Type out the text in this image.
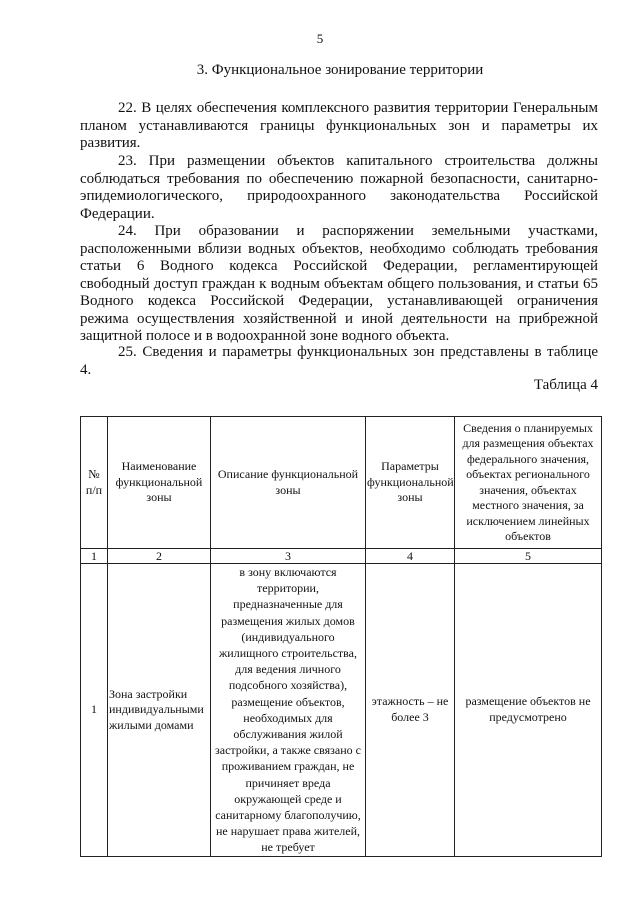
5
3. Функциональное зонирование территории

22. В целях обеспечения комплексного развития территории Генеральным планом устанавливаются границы функциональных зон и параметры их развития.

23. При размещении объектов капитального строительства должны соблюдаться требования по обеспечению пожарной безопасности, санитарно-эпидемиологического, природоохранного законодательства Российской Федерации.

24. При образовании и распоряжении земельными участками, расположенными вблизи водных объектов, необходимо соблюдать требования статьи 6 Водного кодекса Российской Федерации, регламентирующей свободный доступ граждан к водным объектам общего пользования, и статьи 65 Водного кодекса Российской Федерации, устанавливающей ограничения режима осуществления хозяйственной и иной деятельности на прибрежной защитной полосе и в водоохранной зоне водного объекта.

25. Сведения и параметры функциональных зон представлены в таблице 4.

Таблица 4
№ п/п	Наименование функциональной зоны	Описание функциональной зоны	Параметры функциональной зоны	Сведения о планируемых для размещения объектах федерального значения, объектах регионального значения, объектах местного значения, за исключением линейных объектов
1	2	3	4	5
1	Зона застройки индивидуальными жилыми домами	в зону включаются территории, предназначенные для размещения жилых домов (индивидуального жилищного строительства, для ведения личного подсобного хозяйства), размещение объектов, необходимых для обслуживания жилой застройки, а также связано с проживанием граждан, не причиняет вреда окружающей среде и санитарному благополучию, не нарушает права жителей, не требует	этажность – не более 3	размещение объектов не предусмотрено
